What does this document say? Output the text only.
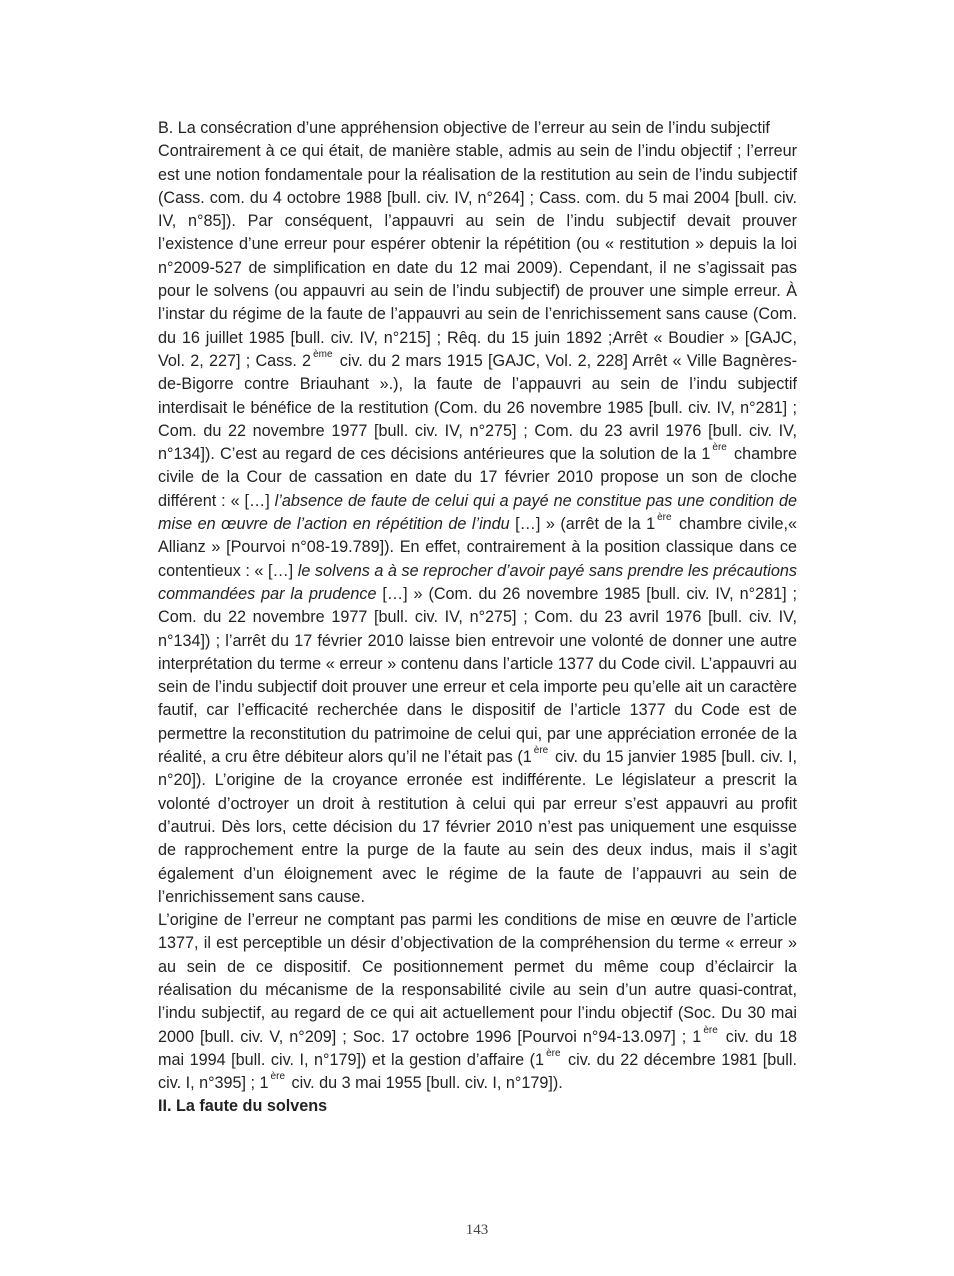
B. La consécration d’une appréhension objective de l’erreur au sein de l’indu subjectif

Contrairement à ce qui était, de manière stable, admis au sein de l’indu objectif ; l’erreur est une notion fondamentale pour la réalisation de la restitution au sein de l’indu subjectif (Cass. com. du 4 octobre 1988 [bull. civ. IV, n°264] ; Cass. com. du 5 mai 2004 [bull. civ. IV, n°85]). Par conséquent, l’appauvri au sein de l’indu subjectif devait prouver l’existence d’une erreur pour espérer obtenir la répétition (ou « restitution » depuis la loi n°2009-527 de simplification en date du 12 mai 2009). Cependant, il ne s’agissait pas pour le solvens (ou appauvri au sein de l’indu subjectif) de prouver une simple erreur. À l’instar du régime de la faute de l’appauvri au sein de l’enrichissement sans cause (Com. du 16 juillet 1985 [bull. civ. IV, n°215] ; Rêq. du 15 juin 1892 ;Arrêt « Boudier » [GAJC, Vol. 2, 227] ; Cass. 2 $^{ème}$ civ. du 2 mars 1915 [GAJC, Vol. 2, 228] Arrêt « Ville Bagnères-de-Bigorre contre Briauhant ».), la faute de l’appauvri au sein de l’indu subjectif interdisait le bénéfice de la restitution (Com. du 26 novembre 1985 [bull. civ. IV, n°281] ; Com. du 22 novembre 1977 [bull. civ. IV, n°275] ; Com. du 23 avril 1976 [bull. civ. IV, n°134]). C’est au regard de ces décisions antérieures que la solution de la 1 $^{ère}$ chambre civile de la Cour de cassation en date du 17 février 2010 propose un son de cloche différent : « […] l’absence de faute de celui qui a payé ne constitue pas une condition de mise en œuvre de l’action en répétition de l’indu […] » (arrêt de la 1 $^{ère}$ chambre civile,« Allianz » [Pourvoi n°08-19.789]). En effet, contrairement à la position classique dans ce contentieux : « […] le solvens a à se reprocher d’avoir payé sans prendre les précautions commandées par la prudence […] » (Com. du 26 novembre 1985 [bull. civ. IV, n°281] ; Com. du 22 novembre 1977 [bull. civ. IV, n°275] ; Com. du 23 avril 1976 [bull. civ. IV, n°134]) ; l’arrêt du 17 février 2010 laisse bien entrevoir une volonté de donner une autre interprétation du terme « erreur » contenu dans l’article 1377 du Code civil. L’appauvri au sein de l’indu subjectif doit prouver une erreur et cela importe peu qu’elle ait un caractère fautif, car l’efficacité recherchée dans le dispositif de l’article 1377 du Code est de permettre la reconstitution du patrimoine de celui qui, par une appréciation erronée de la réalité, a cru être débiteur alors qu’il ne l’était pas (1 $^{ère}$ civ. du 15 janvier 1985 [bull. civ. I, n°20]). L’origine de la croyance erronée est indifférente. Le législateur a prescrit la volonté d’octroyer un droit à restitution à celui qui par erreur s’est appauvri au profit d’autrui. Dès lors, cette décision du 17 février 2010 n’est pas uniquement une esquisse de rapprochement entre la purge de la faute au sein des deux indus, mais il s’agit également d’un éloignement avec le régime de la faute de l’appauvri au sein de l’enrichissement sans cause.

L’origine de l’erreur ne comptant pas parmi les conditions de mise en œuvre de l’article 1377, il est perceptible un désir d’objectivation de la compréhension du terme « erreur » au sein de ce dispositif. Ce positionnement permet du même coup d’éclaircir la réalisation du mécanisme de la responsabilité civile au sein d’un autre quasi-contrat, l’indu subjectif, au regard de ce qui ait actuellement pour l’indu objectif (Soc. Du 30 mai 2000 [bull. civ. V, n°209] ; Soc. 17 octobre 1996 [Pourvoi n°94-13.097] ; 1 $^{ère}$ civ. du 18 mai 1994 [bull. civ. I, n°179]) et la gestion d’affaire (1 $^{ère}$ civ. du 22 décembre 1981 [bull. civ. I, n°395] ; 1 $^{ère}$ civ. du 3 mai 1955 [bull. civ. I, n°179]).

II. La faute du solvens

143
